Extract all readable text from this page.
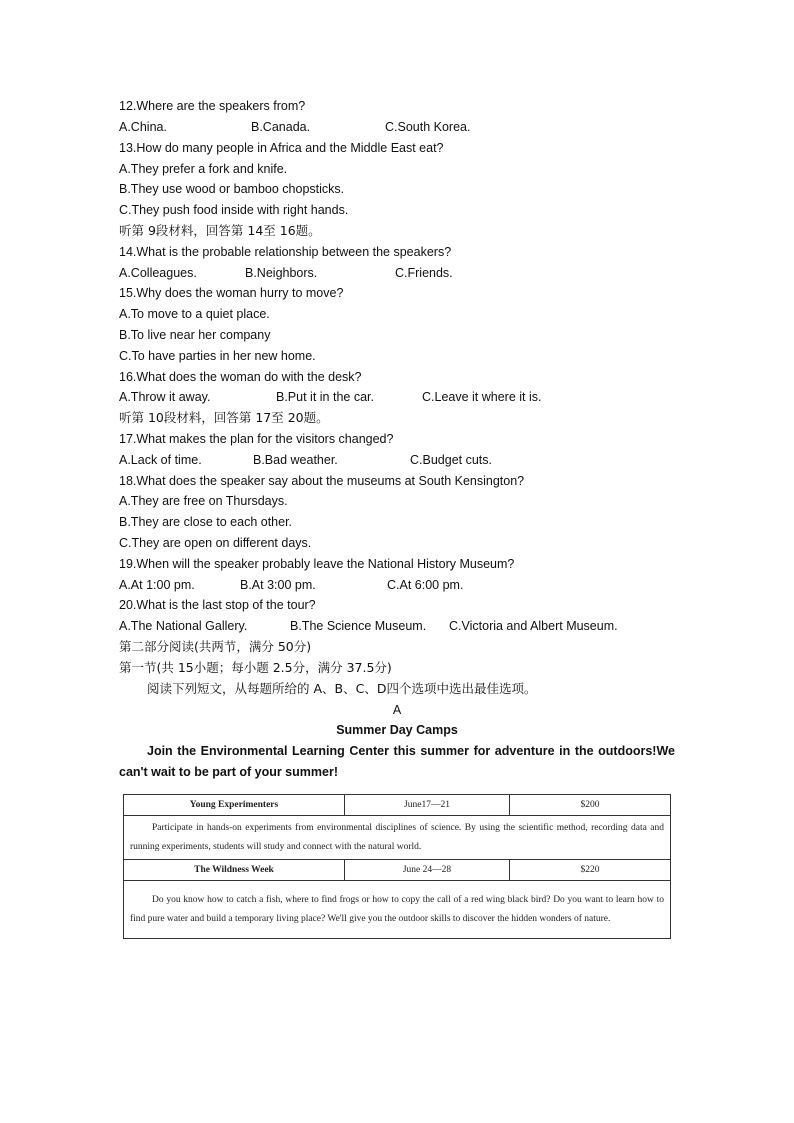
12.Where are the speakers from?
A.China.	B.Canada.	C.South Korea.
13.How do many people in Africa and the Middle East eat?
A.They prefer a fork and knife.
B.They use wood or bamboo chopsticks.
C.They push food inside with right hands.
听第 9段材料，回答第 14至 16题。
14.What is the probable relationship between the speakers?
A.Colleagues.	B.Neighbors.	C.Friends.
15.Why does the woman hurry to move?
A.To move to a quiet place.
B.To live near her company
C.To have parties in her new home.
16.What does the woman do with the desk?
A.Throw it away.	B.Put it in the car.	C.Leave it where it is.
听第 10段材料，回答第 17至 20题。
17.What makes the plan for the visitors changed?
A.Lack of time.	B.Bad weather.	C.Budget cuts.
18.What does the speaker say about the museums at South Kensington?
A.They are free on Thursdays.
B.They are close to each other.
C.They are open on different days.
19.When will the speaker probably leave the National History Museum?
A.At 1:00 pm.	B.At 3:00 pm.	C.At 6:00 pm.
20.What is the last stop of the tour?
A.The National Gallery.	B.The Science Museum. C.Victoria and Albert Museum.
第二部分阅读(共两节，满分 50分)
第一节(共 15小题；每小题 2.5分，满分 37.5分)
阅读下列短文，从每题所给的 A、B、C、D四个选项中选出最佳选项。
A
Summer Day Camps
Join the Environmental Learning Center this summer for adventure in the outdoors!We can't wait to be part of your summer!
Young Experimenters	June17—21	$200
Participate in hands-on experiments from environmental disciplines of science. By using the scientific method, recording data and running experiments, students will study and connect with the natural world.		
The Wildness Week	June 24—28	$220
Do you know how to catch a fish, where to find frogs or how to copy the call of a red wing black bird? Do you want to learn how to find pure water and build a temporary living place? We'll give you the outdoor skills to discover the hidden wonders of nature.		
